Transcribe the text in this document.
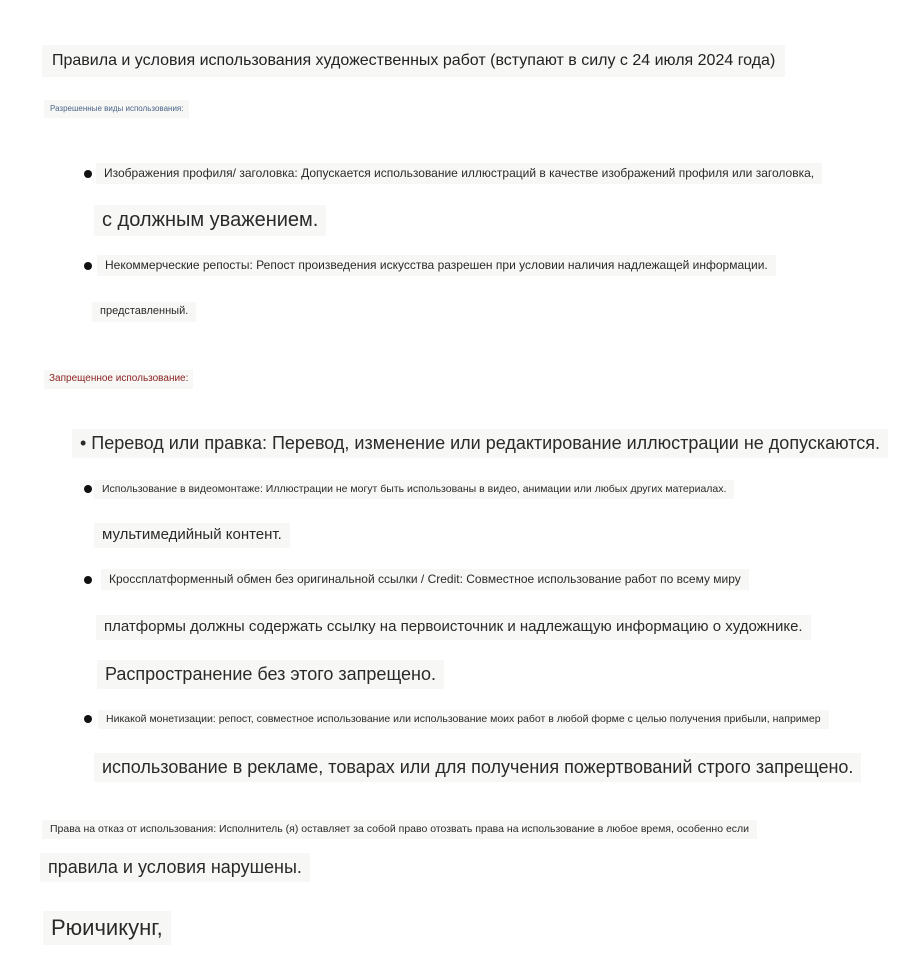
Правила и условия использования художественных работ (вступают в силу с 24 июля 2024 года)
Разрешенные виды использования:
Изображения профиля/ заголовка: Допускается использование иллюстраций в качестве изображений профиля или заголовка,
с должным уважением.
Некоммерческие репосты: Репост произведения искусства разрешен при условии наличия надлежащей информации.
представленный.
Запрещенное использование:
• Перевод или правка: Перевод, изменение или редактирование иллюстрации не допускаются.
Использование в видеомонтаже: Иллюстрации не могут быть использованы в видео, анимации или любых других материалах.
мультимедийный контент.
Кроссплатформенный обмен без оригинальной ссылки / Credit: Совместное использование работ по всему миру
платформы должны содержать ссылку на первоисточник и надлежащую информацию о художнике.
Распространение без этого запрещено.
Никакой монетизации: репост, совместное использование или использование моих работ в любой форме с целью получения прибыли, например
использование в рекламе, товарах или для получения пожертвований строго запрещено.
Права на отказ от использования: Исполнитель (я) оставляет за собой право отозвать права на использование в любое время, особенно если
правила и условия нарушены.
Рюичикунг,
